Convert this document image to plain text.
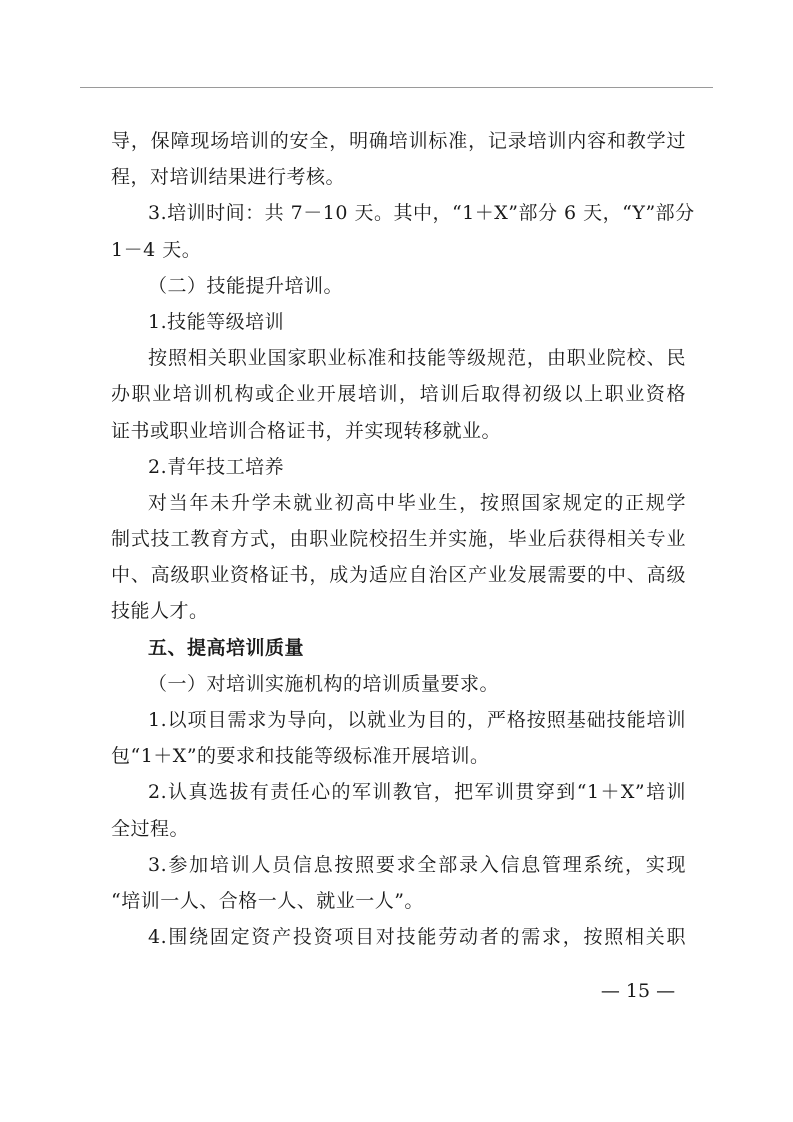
导，保障现场培训的安全，明确培训标准，记录培训内容和教学过
程，对培训结果进行考核。
3.培训时间：共 7－10 天。其中，“1＋X”部分 6 天，“Y”部分
1－4 天。
（二）技能提升培训。
1.技能等级培训
按照相关职业国家职业标准和技能等级规范，由职业院校、民
办职业培训机构或企业开展培训，培训后取得初级以上职业资格
证书或职业培训合格证书，并实现转移就业。
2.青年技工培养
对当年未升学未就业初高中毕业生，按照国家规定的正规学
制式技工教育方式，由职业院校招生并实施，毕业后获得相关专业
中、高级职业资格证书，成为适应自治区产业发展需要的中、高级
技能人才。
五、提高培训质量
（一）对培训实施机构的培训质量要求。
1.以项目需求为导向，以就业为目的，严格按照基础技能培训
包“1＋X”的要求和技能等级标准开展培训。
2.认真选拔有责任心的军训教官，把军训贯穿到“1＋X”培训
全过程。
3.参加培训人员信息按照要求全部录入信息管理系统，实现
“培训一人、合格一人、就业一人”。
4.围绕固定资产投资项目对技能劳动者的需求，按照相关职
— 15 —
